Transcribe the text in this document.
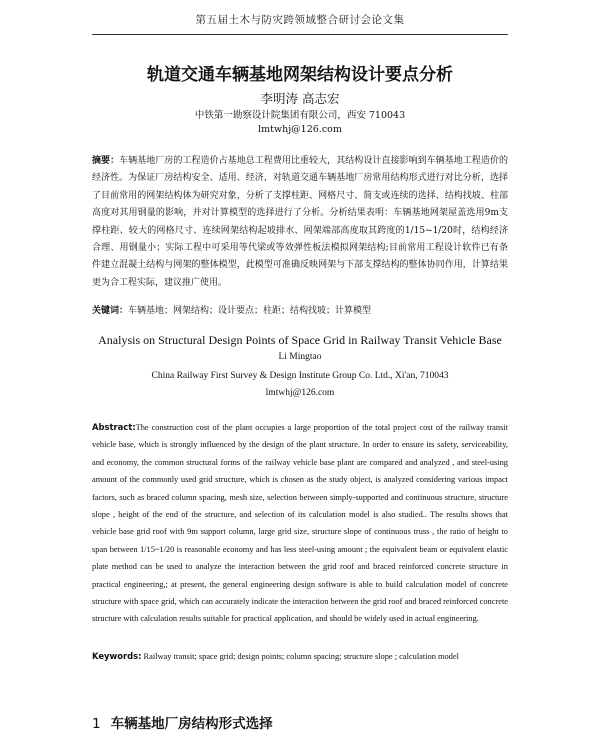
第五届土木与防灾跨领域整合研讨会论文集
轨道交通车辆基地网架结构设计要点分析
李明涛 高志宏
中铁第一勘察设计院集团有限公司，西安 710043
lmtwhj@126.com

摘要：车辆基地厂房的工程造价占基地总工程费用比重较大，其结构设计直接影响到车辆基地工程造价的经济性。为保证厂房结构安全、适用、经济，对轨道交通车辆基地厂房常用结构形式进行对比分析，选择了目前常用的网架结构体为研究对象，分析了支撑柱距、网格尺寸、简支或连续的选择、结构找坡、柱部高度对其用钢量的影响，并对计算模型的选择进行了分析。分析结果表明：车辆基地网架屋盖选用9m支撑柱距、较大的网格尺寸、连续网架结构起坡排水、网架端部高度取其跨度的1/15~1/20时，结构经济合理、用钢量小；实际工程中可采用等代梁或等效弹性板法模拟网架结构;目前常用工程设计软件已有条件建立混凝土结构与网架的整体模型，此模型可准确反映网架与下部支撑结构的整体协同作用，计算结果更为合工程实际，建议推广使用。

关键词：车辆基地；网架结构；设计要点；柱距；结构找坡；计算模型

Analysis on Structural Design Points of Space Grid in Railway Transit Vehicle Base
Li Mingtao
China Railway First Survey & Design Institute Group Co. Ltd., Xi'an, 710043
lmtwhj@126.com

Abstract:The construction cost of the plant occupies a large proportion of the total project cost of the railway transit vehicle base, which is strongly influenced by the design of the plant structure. In order to ensure its safety, serviceability, and economy, the common structural forms of the railway vehicle base plant are compared and analyzed , and steel-using amount of the commonly used grid structure, which is chosen as the study object, is analyzed considering various impact factors, such as braced column spacing, mesh size, selection between simply-supported and continuous structure, structure slope , height of the end of the structure, and selection of its calculation model is also studied.. The results shows that vehicle base grid roof with 9m support column, large grid size, structure slope of continuous truss , the ratio of height to span between 1/15~1/20 is reasonable economy and has less steel-using amount ; the equivalent beam or equivalent elastic plate method can be used to analyze the interaction between the grid roof and braced reinforced concrete structure in practical engineering,; at present, the general engineering design software is able to build calculation model of concrete structure with space grid, which can accurately indicate the interaction between the grid roof and braced reinforced concrete structure with calculation results suitable for practical application, and should be widely used in actual engineering.

Keywords: Railway transit; space grid; design points; column spacing; structure slope ; calculation model

1 车辆基地厂房结构形式选择
